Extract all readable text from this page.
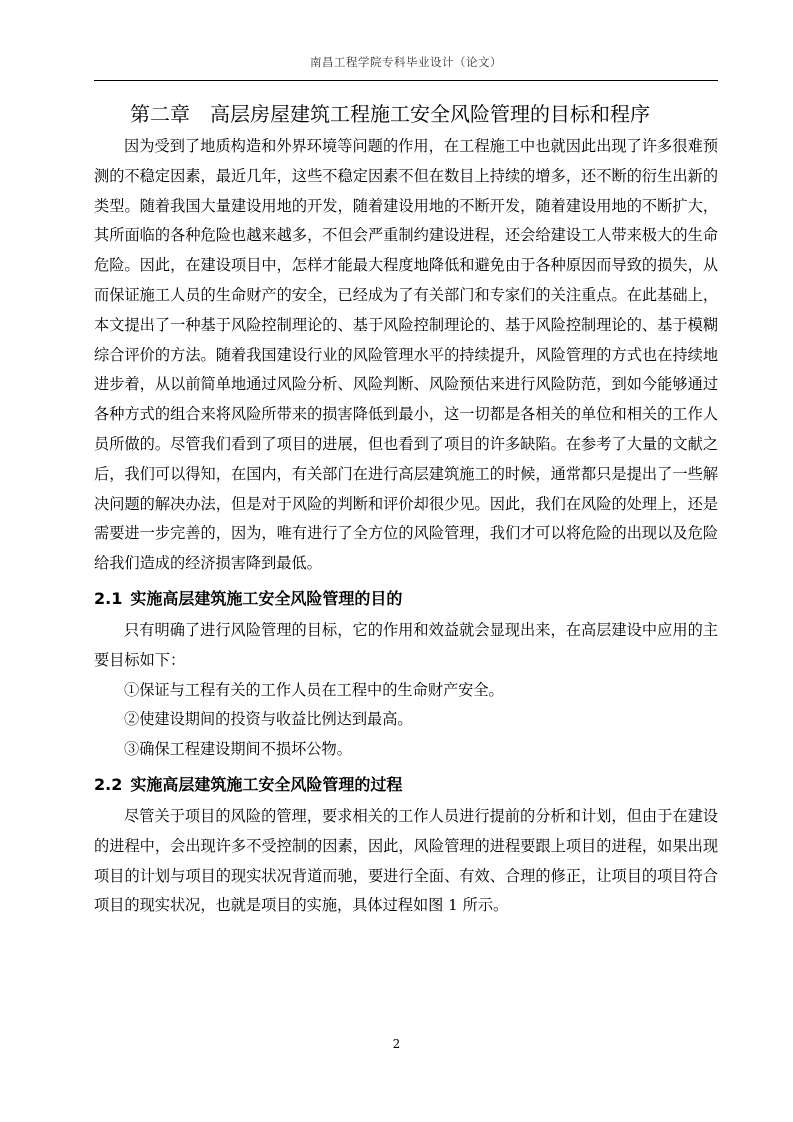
南昌工程学院专科毕业设计（论文）
第二章 高层房屋建筑工程施工安全风险管理的目标和程序

因为受到了地质构造和外界环境等问题的作用，在工程施工中也就因此出现了许多很难预测的不稳定因素，最近几年，这些不稳定因素不但在数目上持续的增多，还不断的衍生出新的类型。随着我国大量建设用地的开发，随着建设用地的不断开发，随着建设用地的不断扩大，其所面临的各种危险也越来越多，不但会严重制约建设进程，还会给建设工人带来极大的生命危险。因此，在建设项目中，怎样才能最大程度地降低和避免由于各种原因而导致的损失，从而保证施工人员的生命财产的安全，已经成为了有关部门和专家们的关注重点。在此基础上，本文提出了一种基于风险控制理论的、基于风险控制理论的、基于风险控制理论的、基于模糊综合评价的方法。随着我国建设行业的风险管理水平的持续提升，风险管理的方式也在持续地进步着，从以前简单地通过风险分析、风险判断、风险预估来进行风险防范，到如今能够通过各种方式的组合来将风险所带来的损害降低到最小，这一切都是各相关的单位和相关的工作人员所做的。尽管我们看到了项目的进展，但也看到了项目的许多缺陷。在参考了大量的文献之后，我们可以得知，在国内，有关部门在进行高层建筑施工的时候，通常都只是提出了一些解决问题的解决办法，但是对于风险的判断和评价却很少见。因此，我们在风险的处理上，还是需要进一步完善的，因为，唯有进行了全方位的风险管理，我们才可以将危险的出现以及危险给我们造成的经济损害降到最低。

2.1 实施高层建筑施工安全风险管理的目的

只有明确了进行风险管理的目标，它的作用和效益就会显现出来，在高层建设中应用的主要目标如下：

①保证与工程有关的工作人员在工程中的生命财产安全。
②使建设期间的投资与收益比例达到最高。
③确保工程建设期间不损坏公物。
2.2 实施高层建筑施工安全风险管理的过程

尽管关于项目的风险的管理，要求相关的工作人员进行提前的分析和计划，但由于在建设的进程中，会出现许多不受控制的因素，因此，风险管理的进程要跟上项目的进程，如果出现项目的计划与项目的现实状况背道而驰，要进行全面、有效、合理的修正，让项目的项目符合项目的现实状况，也就是项目的实施，具体过程如图 1 所示。

2
